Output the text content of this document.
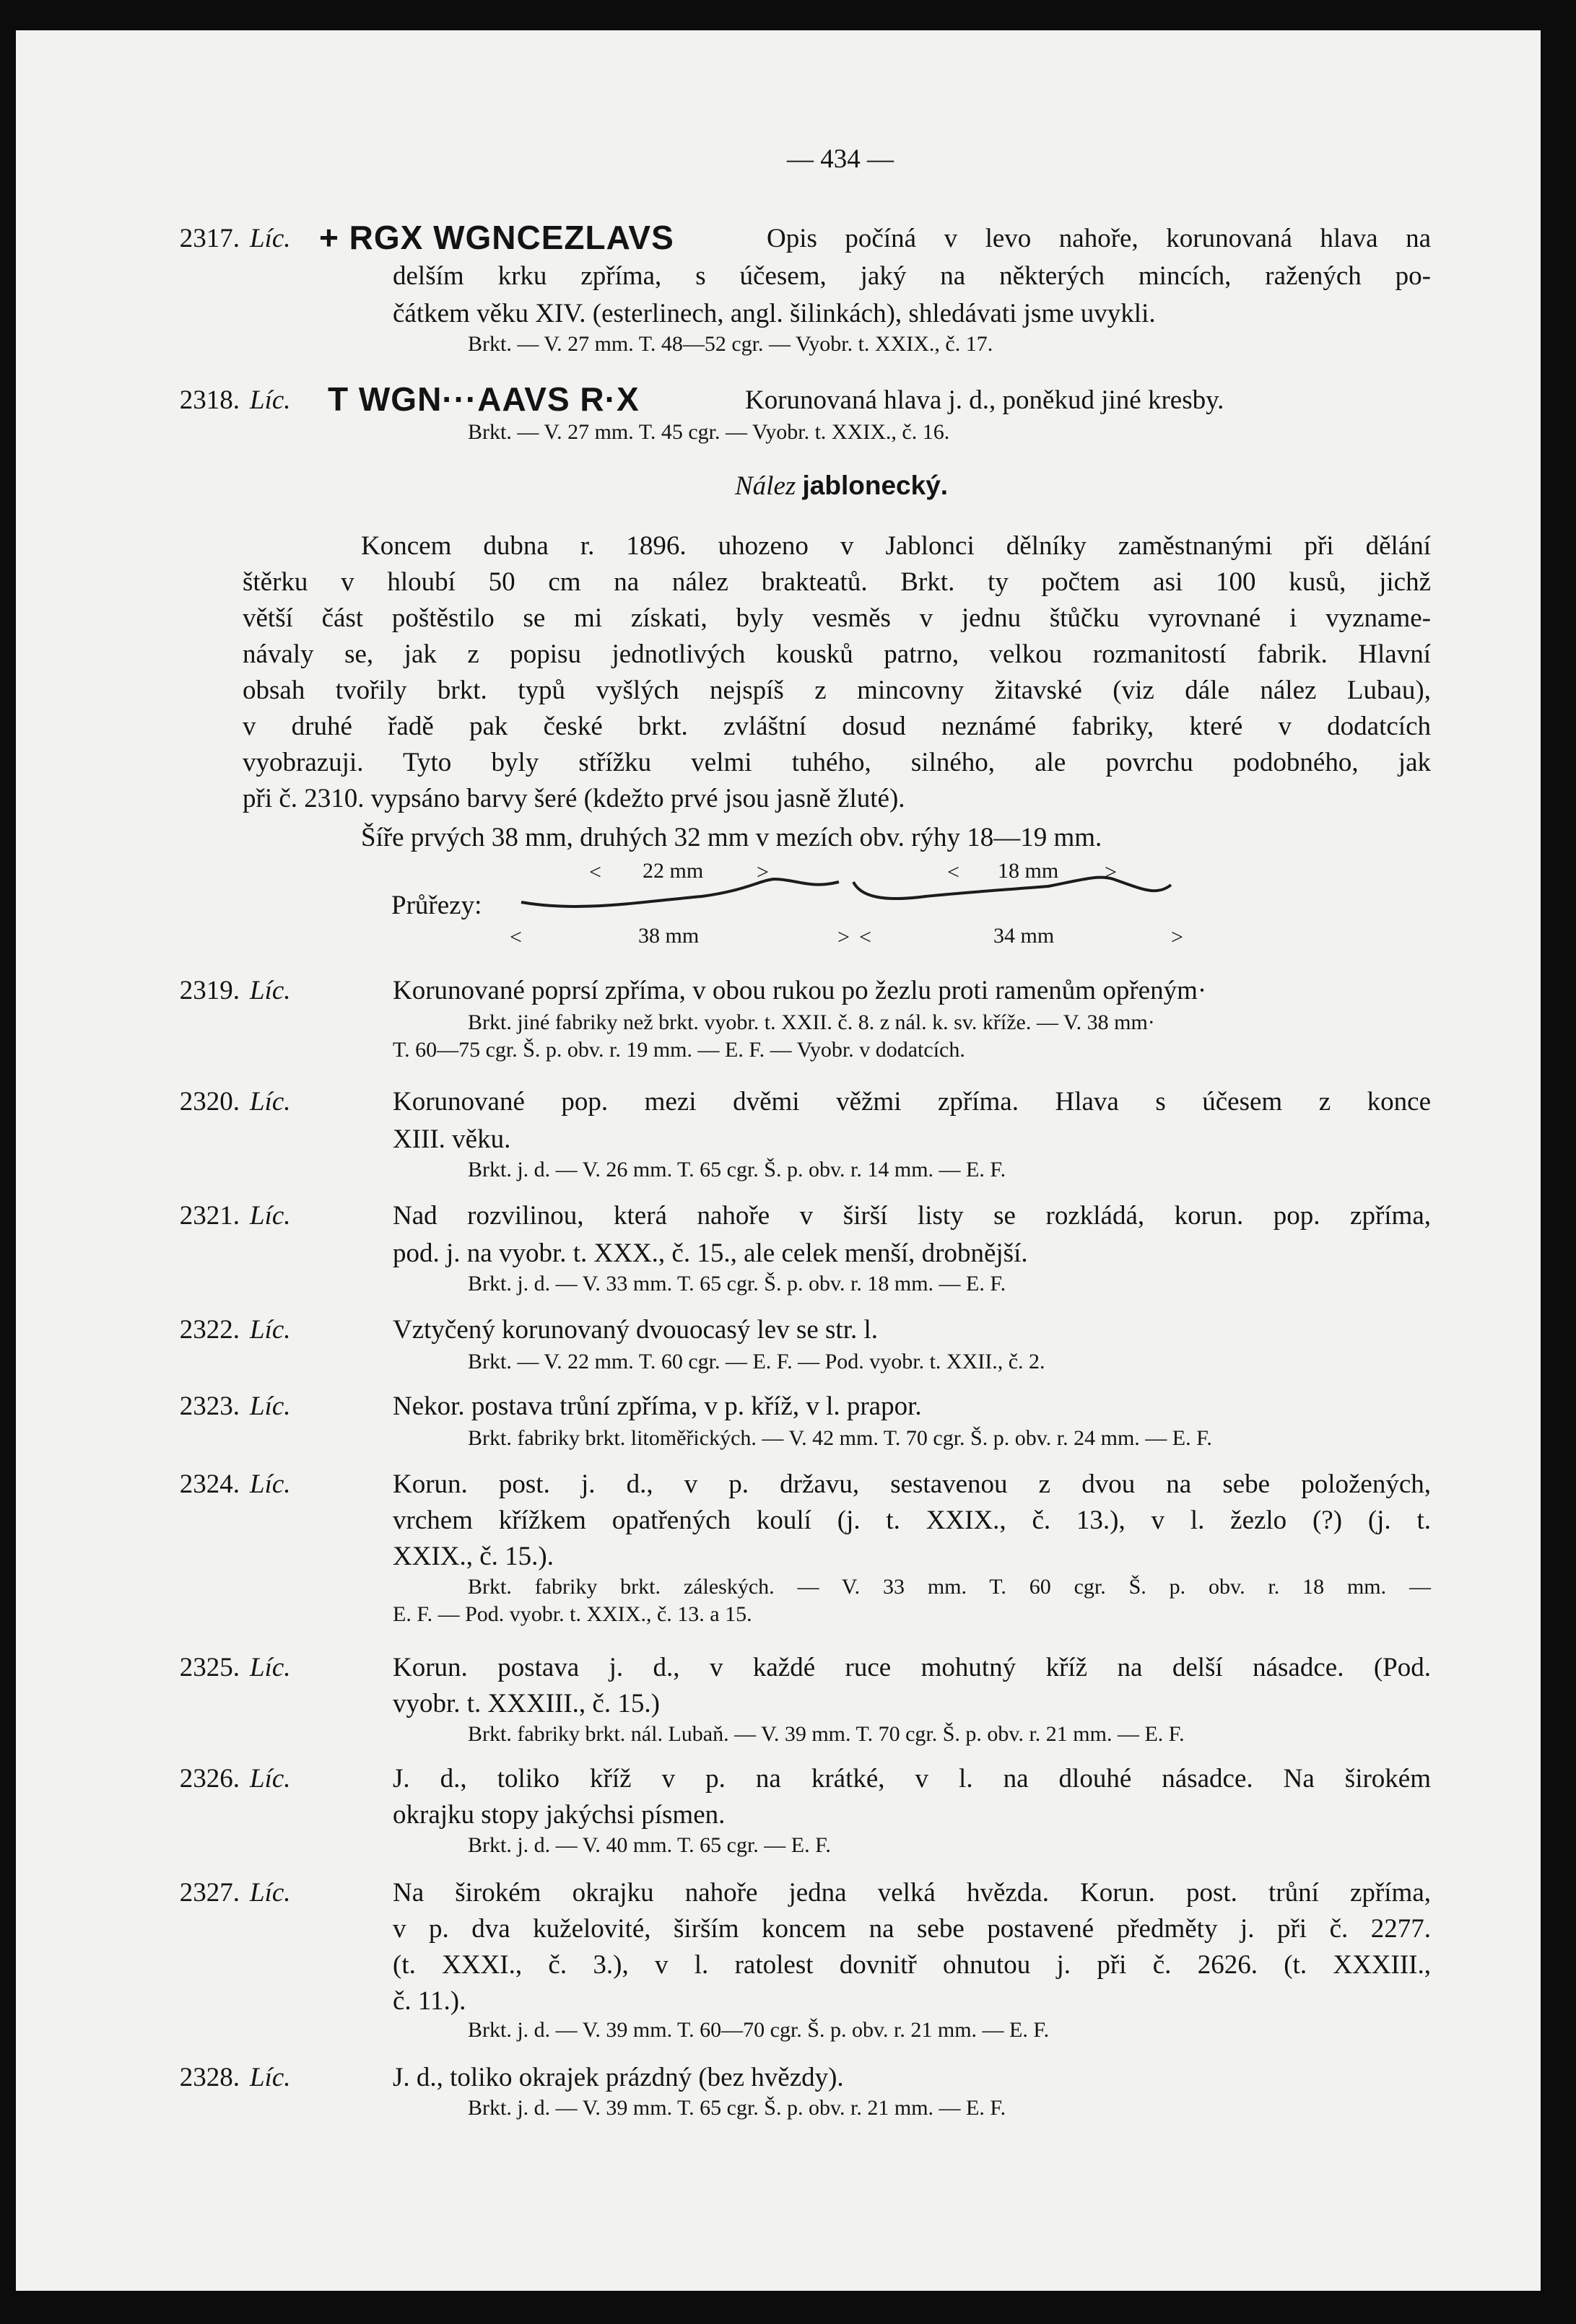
— 434 —
2317. Líc. + RGX WGNCEZLAVS	Opis počíná v levo nahoře, korunovaná hlava na
delším krku zpříma, s účesem, jaký na některých mincích, ražených po-
čátkem věku XIV. (esterlinech, angl. šilinkách), shledávati jsme uvykli.
Brkt. — V. 27 mm. T. 48—52 cgr. — Vyobr. t. XXIX., č. 17.
2318. Líc. T WGN···AAVS R·X	Korunovaná hlava j. d., poněkud jiné kresby.
Brkt. — V. 27 mm. T. 45 cgr. — Vyobr. t. XXIX., č. 16.
Nález jablonecký.
Koncem dubna r. 1896. uhozeno v Jablonci dělníky zaměstnanými při dělání
štěrku v hloubí 50 cm na nález brakteatů. Brkt. ty počtem asi 100 kusů, jichž
větší část poštěstilo se mi získati, byly vesměs v jednu štůčku vyrovnané i vyzname-
návaly se, jak z popisu jednotlivých kousků patrno, velkou rozmanitostí fabrik. Hlavní
obsah tvořily brkt. typů vyšlých nejspíš z mincovny žitavské (viz dále nález Lubau),
v druhé řadě pak české brkt. zvláštní dosud neznámé fabriky, které v dodatcích
vyobrazuji. Tyto byly střížku velmi tuhého, silného, ale povrchu podobného, jak
při č. 2310. vypsáno barvy šeré (kdežto prvé jsou jasně žluté).
Šíře prvých 38 mm, druhých 32 mm v mezích obv. rýhy 18—19 mm.
< 22 mm >	< 18 mm >
Průřezy:
<	38 mm	> <	34 mm	>
2319. Líc.	Korunované poprsí zpříma, v obou rukou po žezlu proti ramenům opřeným·
Brkt. jiné fabriky než brkt. vyobr. t. XXII. č. 8. z nál. k. sv. kříže. — V. 38 mm·
T. 60—75 cgr. Š. p. obv. r. 19 mm. — E. F. — Vyobr. v dodatcích.
2320. Líc.	Korunované pop. mezi dvěmi věžmi zpříma. Hlava s účesem z konce
XIII. věku.
Brkt. j. d. — V. 26 mm. T. 65 cgr. Š. p. obv. r. 14 mm. — E. F.
2321. Líc.	Nad rozvilinou, která nahoře v širší listy se rozkládá, korun. pop. zpříma,
pod. j. na vyobr. t. XXX., č. 15., ale celek menší, drobnější.
Brkt. j. d. — V. 33 mm. T. 65 cgr. Š. p. obv. r. 18 mm. — E. F.
2322. Líc.	Vztyčený korunovaný dvouocasý lev se str. l.
Brkt. — V. 22 mm. T. 60 cgr. — E. F. — Pod. vyobr. t. XXII., č. 2.
2323. Líc.	Nekor. postava trůní zpříma, v p. kříž, v l. prapor.
Brkt. fabriky brkt. litoměřických. — V. 42 mm. T. 70 cgr. Š. p. obv. r. 24 mm. — E. F.
2324. Líc.	Korun. post. j. d., v p. državu, sestavenou z dvou na sebe položených,
vrchem křížkem opatřených koulí (j. t. XXIX., č. 13.), v l. žezlo (?) (j. t.
XXIX., č. 15.).
Brkt. fabriky brkt. záleských. — V. 33 mm. T. 60 cgr. Š. p. obv. r. 18 mm. —
E. F. — Pod. vyobr. t. XXIX., č. 13. a 15.
2325. Líc.	Korun. postava j. d., v každé ruce mohutný kříž na delší násadce. (Pod.
vyobr. t. XXXIII., č. 15.)
Brkt. fabriky brkt. nál. Lubaň. — V. 39 mm. T. 70 cgr. Š. p. obv. r. 21 mm. — E. F.
2326. Líc.	J. d., toliko kříž v p. na krátké, v l. na dlouhé násadce. Na širokém
okrajku stopy jakýchsi písmen.
Brkt. j. d. — V. 40 mm. T. 65 cgr. — E. F.
2327. Líc.	Na širokém okrajku nahoře jedna velká hvězda. Korun. post. trůní zpříma,
v p. dva kuželovité, širším koncem na sebe postavené předměty j. při č. 2277.
(t. XXXI., č. 3.), v l. ratolest dovnitř ohnutou j. při č. 2626. (t. XXXIII.,
č. 11.).
Brkt. j. d. — V. 39 mm. T. 60—70 cgr. Š. p. obv. r. 21 mm. — E. F.
2328. Líc.	J. d., toliko okrajek prázdný (bez hvězdy).
Brkt. j. d. — V. 39 mm. T. 65 cgr. Š. p. obv. r. 21 mm. — E. F.
